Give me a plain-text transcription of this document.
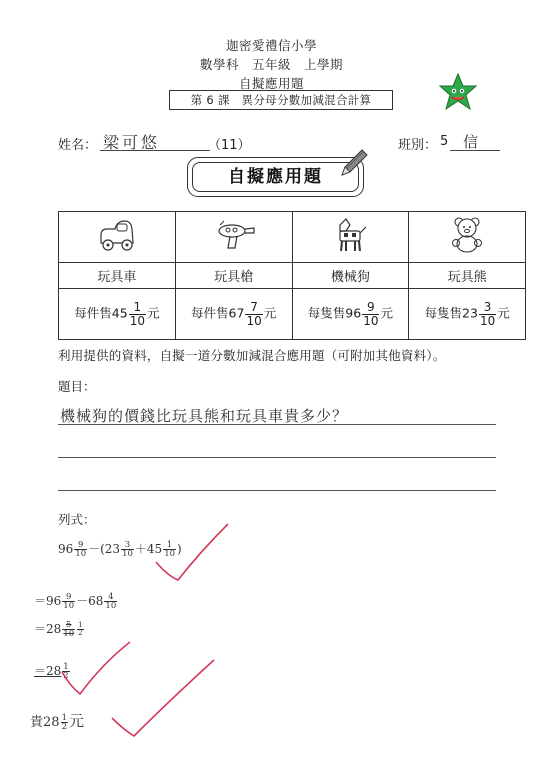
迦密愛禮信小學
數學科　五年級　上學期
自擬應用題
第 6 課　異分母分數加減混合計算
姓名： 梁可悠	（11）	班別： 5 信
自擬應用題

玩具車	玩具槍	機械狗	玩具熊
每件售$45 \frac{1}{10}$ 元	每件售$67 \frac{7}{10}$ 元	每隻售$96 \frac{9}{10}$ 元	每隻售$23 \frac{3}{10}$ 元
利用提供的資料，自擬一道分數加減混合應用題（可附加其他資料）。
題目：
機械狗的價錢比玩具熊和玩具車貴多少？
列式：
$96 \frac{9}{10} -(23 \frac{3}{10} +45 \frac{1}{10}$ )
$=96 \frac{9}{10} -68 \frac{4}{10}$
$=28 \frac{5}{10} \frac{1}{2}$
$=28 \frac{1}{2}$
貴$28 \frac{1}{2}$ 元
